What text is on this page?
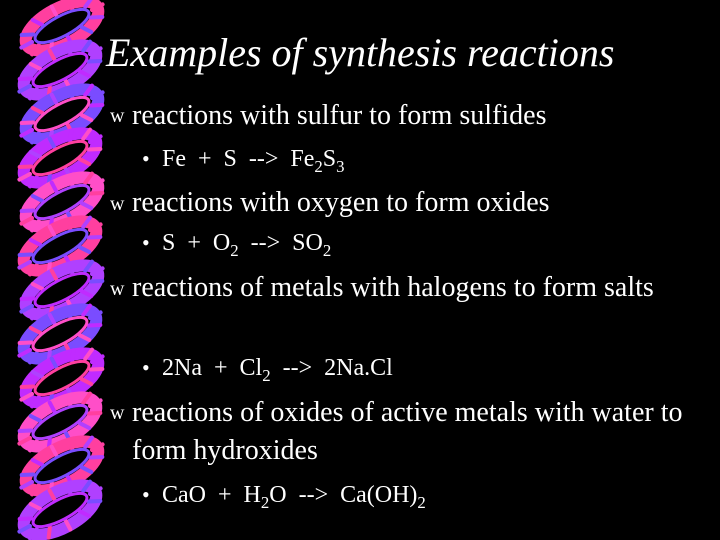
Examples of synthesis reactions
w reactions with sulfur to form sulfides
• Fe  +  S  -->  $Fe_2S_3$
w reactions with oxygen to form oxides
• $S + O_2$  -->  $SO_2$
w reactions of metals with halogens to form salts
• $2Na + Cl_2$  -->  2Na.Cl
w reactions of oxides of active metals with water to form hydroxides
• CaO  +  $H_2O$  -->  $Ca(OH)_2$
